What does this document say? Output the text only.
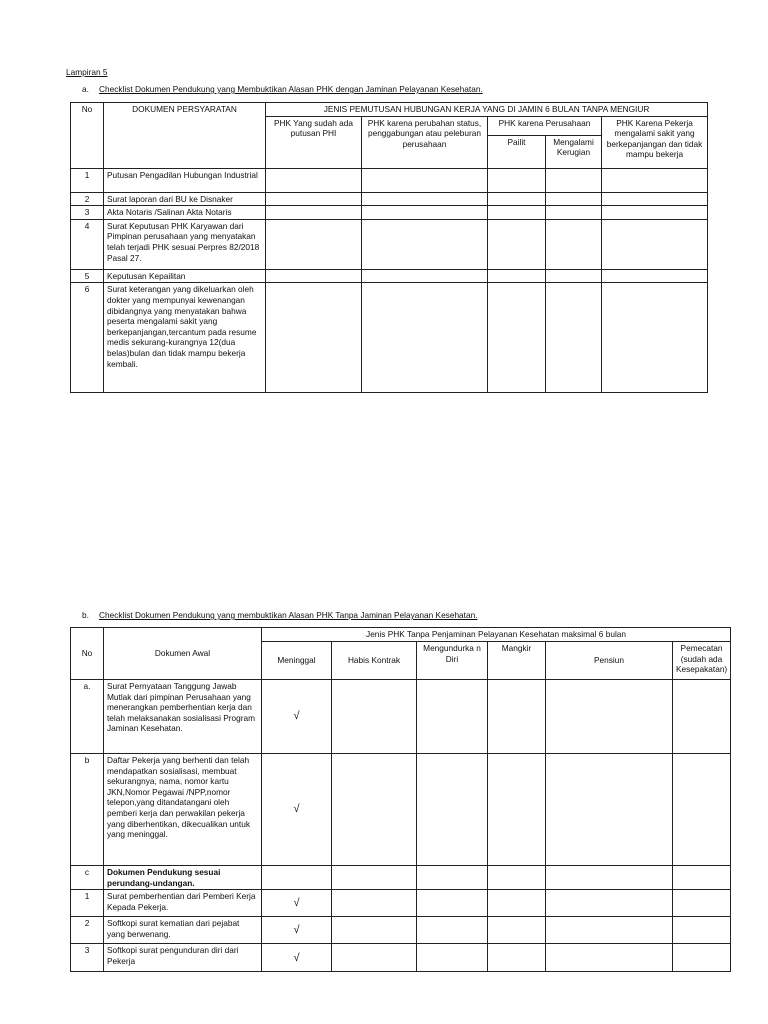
Lampiran 5
a. Checklist Dokumen Pendukung yang Membuktikan Alasan PHK dengan Jaminan Pelayanan Kesehatan.
No	DOKUMEN PERSYARATAN	JENIS PEMUTUSAN HUBUNGAN KERJA YANG DI JAMIN 6 BULAN TANPA MENGIUR				
		PHK Yang sudah ada putusan PHI	PHK karena perubahan status, penggabungan atau peleburan perusahaan	PHK karena Perusahaan		PHK Karena Pekerja mengalami sakit yang berkepanjangan dan tidak mampu bekerja
				Pailit	Mengalami Kerugian	
1	Putusan Pengadilan Hubungan Industrial					
2	Surat laporan dari BU ke Disnaker					
3	Akta Notaris /Salinan Akta Notaris					
4	Surat Keputusan PHK Karyawan dari Pimpinan perusahaan yang menyatakan telah terjadi PHK sesuai Perpres 82/2018 Pasal 27.					
5	Keputusan Kepailitan					
6	Surat keterangan yang dikeluarkan oleh dokter yang mempunyai kewenangan dibidangnya yang menyatakan bahwa peserta mengalami sakit yang berkepanjangan,tercantum pada resume medis sekurang-kurangnya 12(dua belas)bulan dan tidak mampu bekerja kembali.					
b. Checklist Dokumen Pendukung yang membuktikan Alasan PHK Tanpa Jaminan Pelayanan Kesehatan.
No	Dokumen Awal	Jenis PHK Tanpa Penjaminan Pelayanan Kesehatan maksimal 6 bulan					
		Meninggal	Habis Kontrak	Mengundurka n Diri	Mangkir	Pensiun	Pemecatan (sudah ada Kesepakatan)
a.	Surat Pernyataan Tanggung Jawab Mutlak dari pimpinan Perusahaan yang menerangkan pemberhentian kerja dan telah melaksanakan sosialisasi Program Jaminan Kesehatan.	√					
b	Daftar Pekerja yang berhenti dan telah mendapatkan sosialisasi, membuat sekurangnya, nama, nomor kartu JKN,Nomor Pegawai /NPP,nomor telepon,yang ditandatangani oleh pemberi kerja dan perwakilan pekerja yang diberhentikan, dikecualikan untuk yang meninggal.	√					
c	Dokumen Pendukung sesuai perundang-undangan.						
1	Surat pemberhentian dari Pemberi Kerja Kepada Pekerja.	√					
2	Softkopi surat kematian dari pejabat yang berwenang.	√					
3	Softkopi surat pengunduran diri dari Pekerja	√					
